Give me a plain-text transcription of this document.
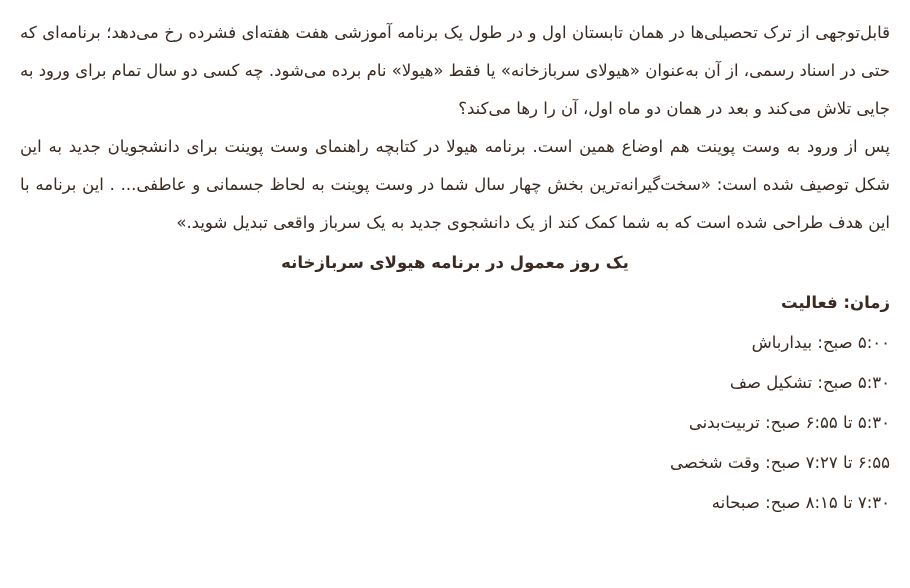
قابل‌توجهی از ترک تحصیلی‌ها در همان تابستان اول و در طول یک برنامه آموزشی هفت هفته‌ای فشرده رخ می‌دهد؛ برنامه‌ای که حتی در اسناد رسمی، از آن به‌عنوان «هیولای سربازخانه» یا فقط «هیولا» نام برده می‌شود. چه کسی دو سال تمام برای ورود به جایی تلاش می‌کند و بعد در همان دو ماه اول، آن را رها می‌کند؟

پس از ورود به وست پوینت هم اوضاع همین است. برنامه هیولا در کتابچه راهنمای وست پوینت برای دانشجویان جدید به این شکل توصیف شده است: «سخت‌گیرانه‌ترین بخش چهار سال شما در وست پوینت به لحاظ جسمانی و عاطفی... . این برنامه با این هدف طراحی شده است که به شما کمک کند از یک دانشجوی جدید به یک سرباز واقعی تبدیل شوید.»

یک روز معمول در برنامه هیولای سربازخانه
زمان: فعالیت
۵:۰۰ صبح: بیدارباش
۵:۳۰ صبح: تشکیل صف
۵:۳۰ تا ۶:۵۵ صبح: تربیت‌بدنی
۶:۵۵ تا ۷:۲۷ صبح: وقت شخصی
۷:۳۰ تا ۸:۱۵ صبح: صبحانه
